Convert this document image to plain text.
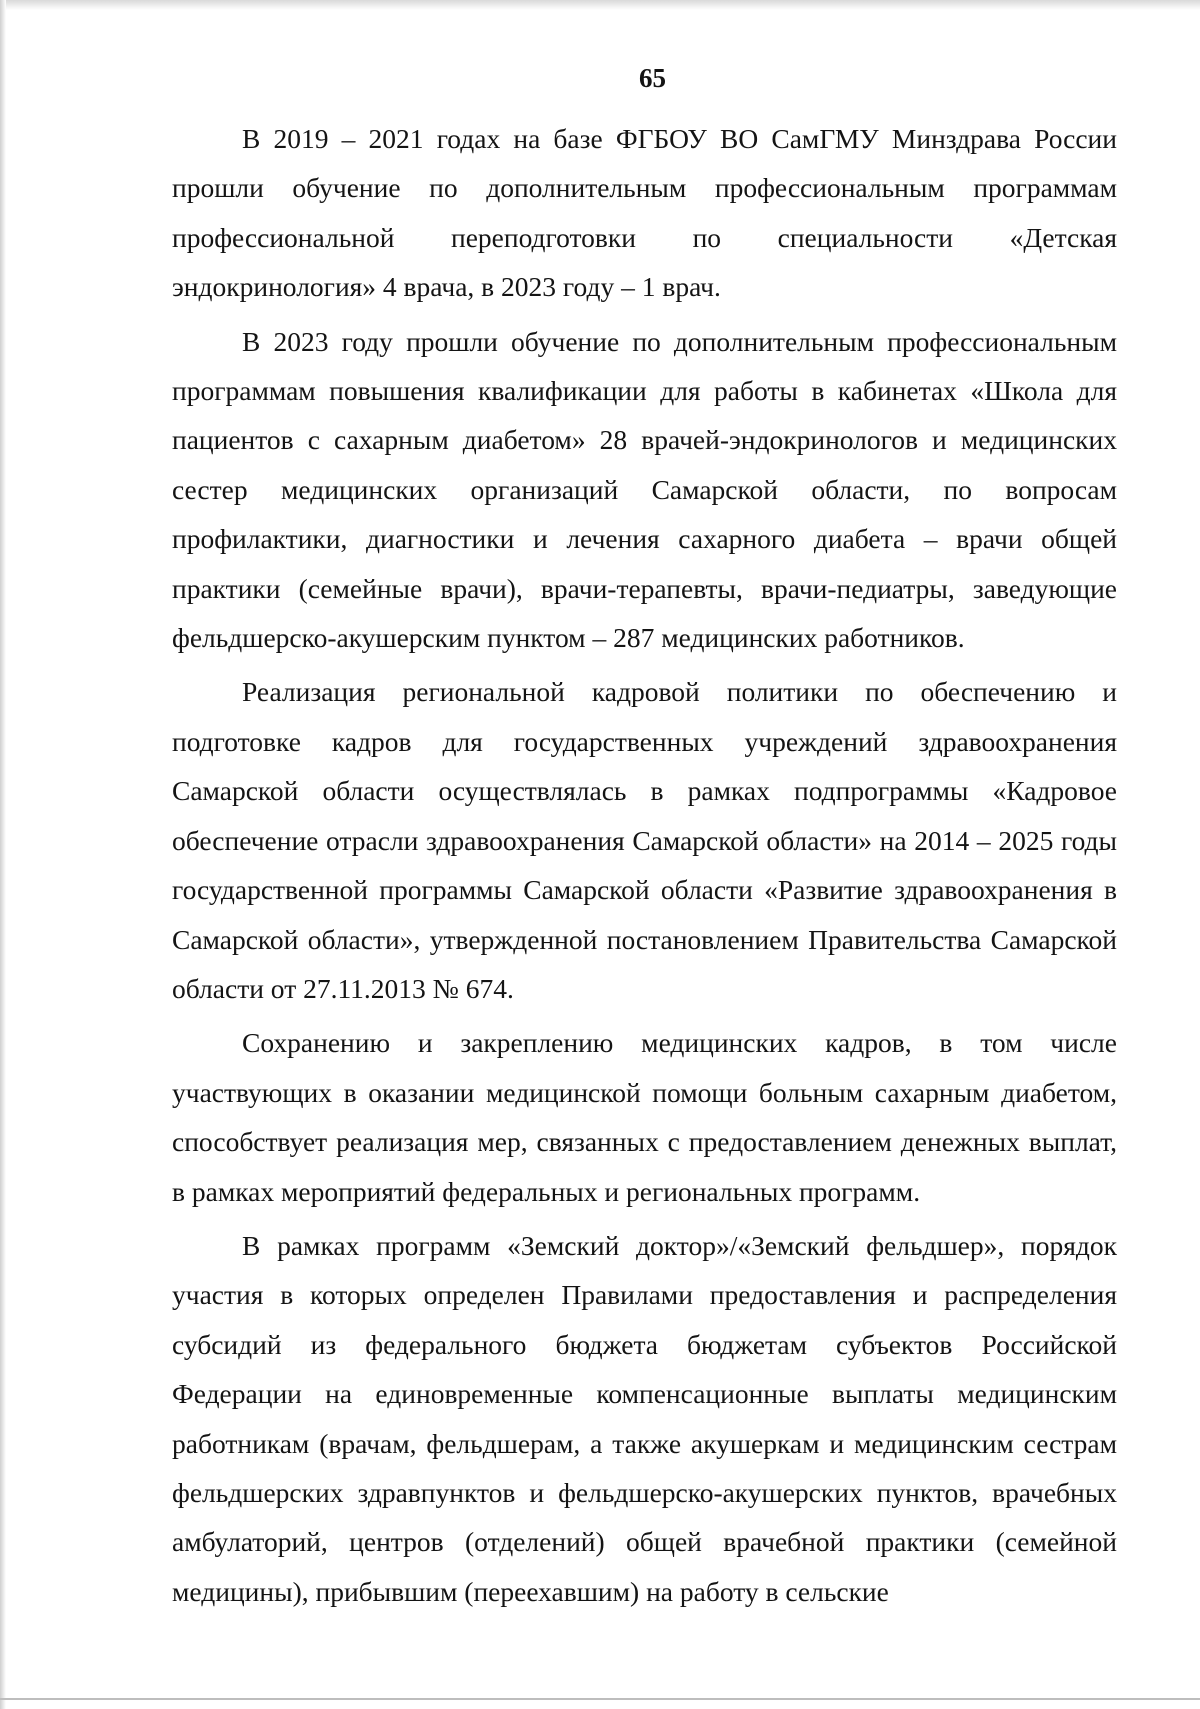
65

В 2019 – 2021 годах на базе ФГБОУ ВО СамГМУ Минздрава России прошли обучение по дополнительным профессиональным программам профессиональной переподготовки по специальности «Детская эндокринология» 4 врача, в 2023 году – 1 врач.

В 2023 году прошли обучение по дополнительным профессиональным программам повышения квалификации для работы в кабинетах «Школа для пациентов с сахарным диабетом» 28 врачей-эндокринологов и медицинских сестер медицинских организаций Самарской области, по вопросам профилактики, диагностики и лечения сахарного диабета – врачи общей практики (семейные врачи), врачи-терапевты, врачи-педиатры, заведующие фельдшерско-акушерским пунктом – 287 медицинских работников.

Реализация региональной кадровой политики по обеспечению и подготовке кадров для государственных учреждений здравоохранения Самарской области осуществлялась в рамках подпрограммы «Кадровое обеспечение отрасли здравоохранения Самарской области» на 2014 – 2025 годы государственной программы Самарской области «Развитие здравоохранения в Самарской области», утвержденной постановлением Правительства Самарской области от 27.11.2013 № 674.

Сохранению и закреплению медицинских кадров, в том числе участвующих в оказании медицинской помощи больным сахарным диабетом, способствует реализация мер, связанных с предоставлением денежных выплат, в рамках мероприятий федеральных и региональных программ.

В рамках программ «Земский доктор»/«Земский фельдшер», порядок участия в которых определен Правилами предоставления и распределения субсидий из федерального бюджета бюджетам субъектов Российской Федерации на единовременные компенсационные выплаты медицинским работникам (врачам, фельдшерам, а также акушеркам и медицинским сестрам фельдшерских здравпунктов и фельдшерско-акушерских пунктов, врачебных амбулаторий, центров (отделений) общей врачебной практики (семейной медицины), прибывшим (переехавшим) на работу в сельские
